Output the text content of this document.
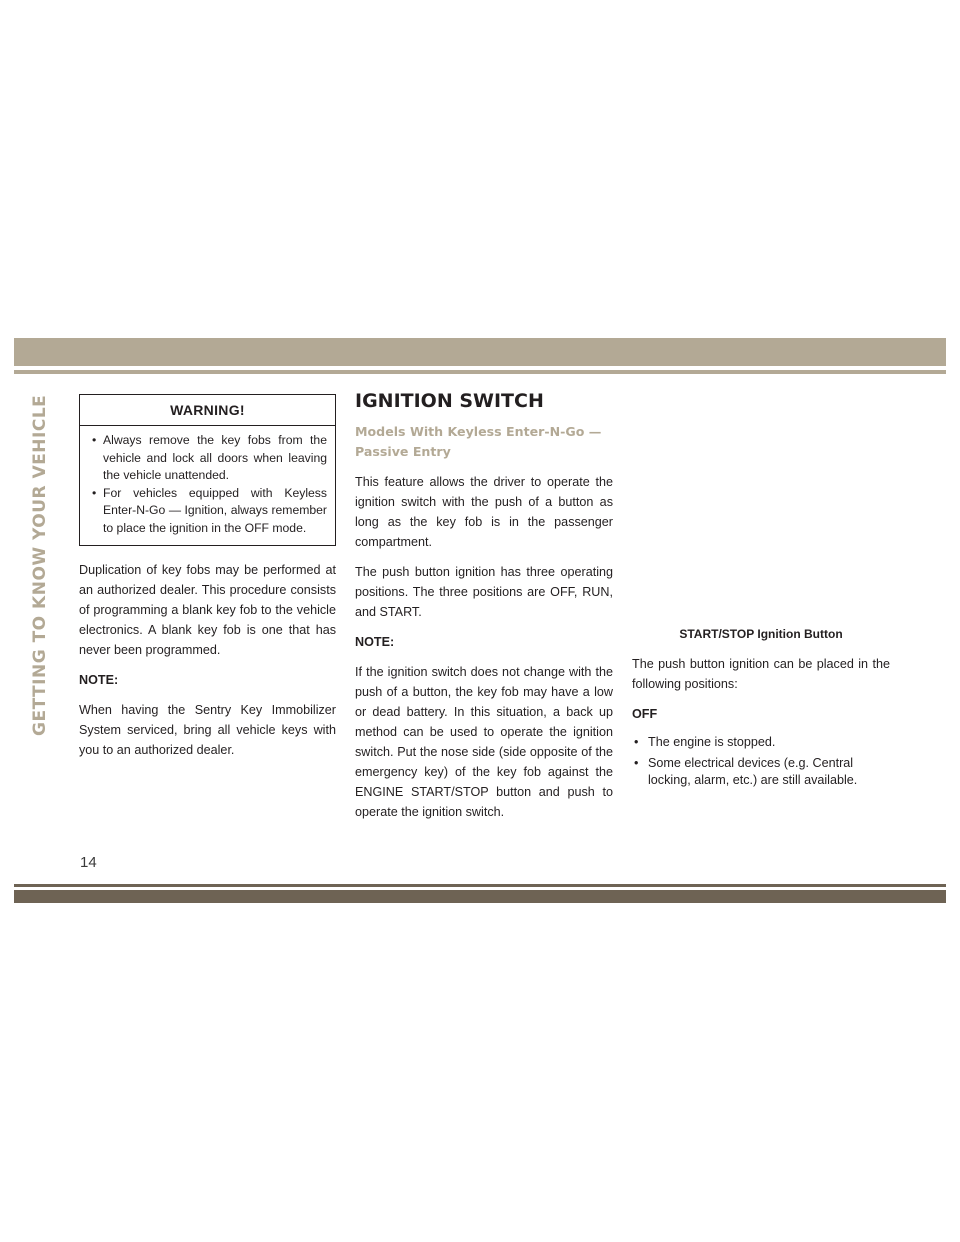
GETTING TO KNOW YOUR VEHICLE	WARNING!
• Always remove the key fobs from the vehicle and lock all doors when leaving the vehicle unattended.
• For vehicles equipped with Keyless Enter-N-Go — Ignition, always remember to place the ignition in the OFF mode.

Duplication of key fobs may be performed at an authorized dealer. This procedure consists of programming a blank key fob to the vehicle electronics. A blank key fob is one that has never been programmed.

NOTE:

When having the Sentry Key Immobilizer System serviced, bring all vehicle keys with you to an authorized dealer.

IGNITION SWITCH
Models With Keyless Enter-N-Go — Passive Entry

This feature allows the driver to operate the ignition switch with the push of a button as long as the key fob is in the passenger compartment.

The push button ignition has three operating positions. The three positions are OFF, RUN, and START.

NOTE:

If the ignition switch does not change with the push of a button, the key fob may have a low or dead battery. In this situation, a back up method can be used to operate the ignition switch. Put the nose side (side opposite of the emergency key) of the key fob against the ENGINE START/STOP button and push to operate the ignition switch.

START/STOP Ignition Button

The push button ignition can be placed in the following positions:

OFF

• The engine is stopped.
• Some electrical devices (e.g. Central locking, alarm, etc.) are still available.
14
